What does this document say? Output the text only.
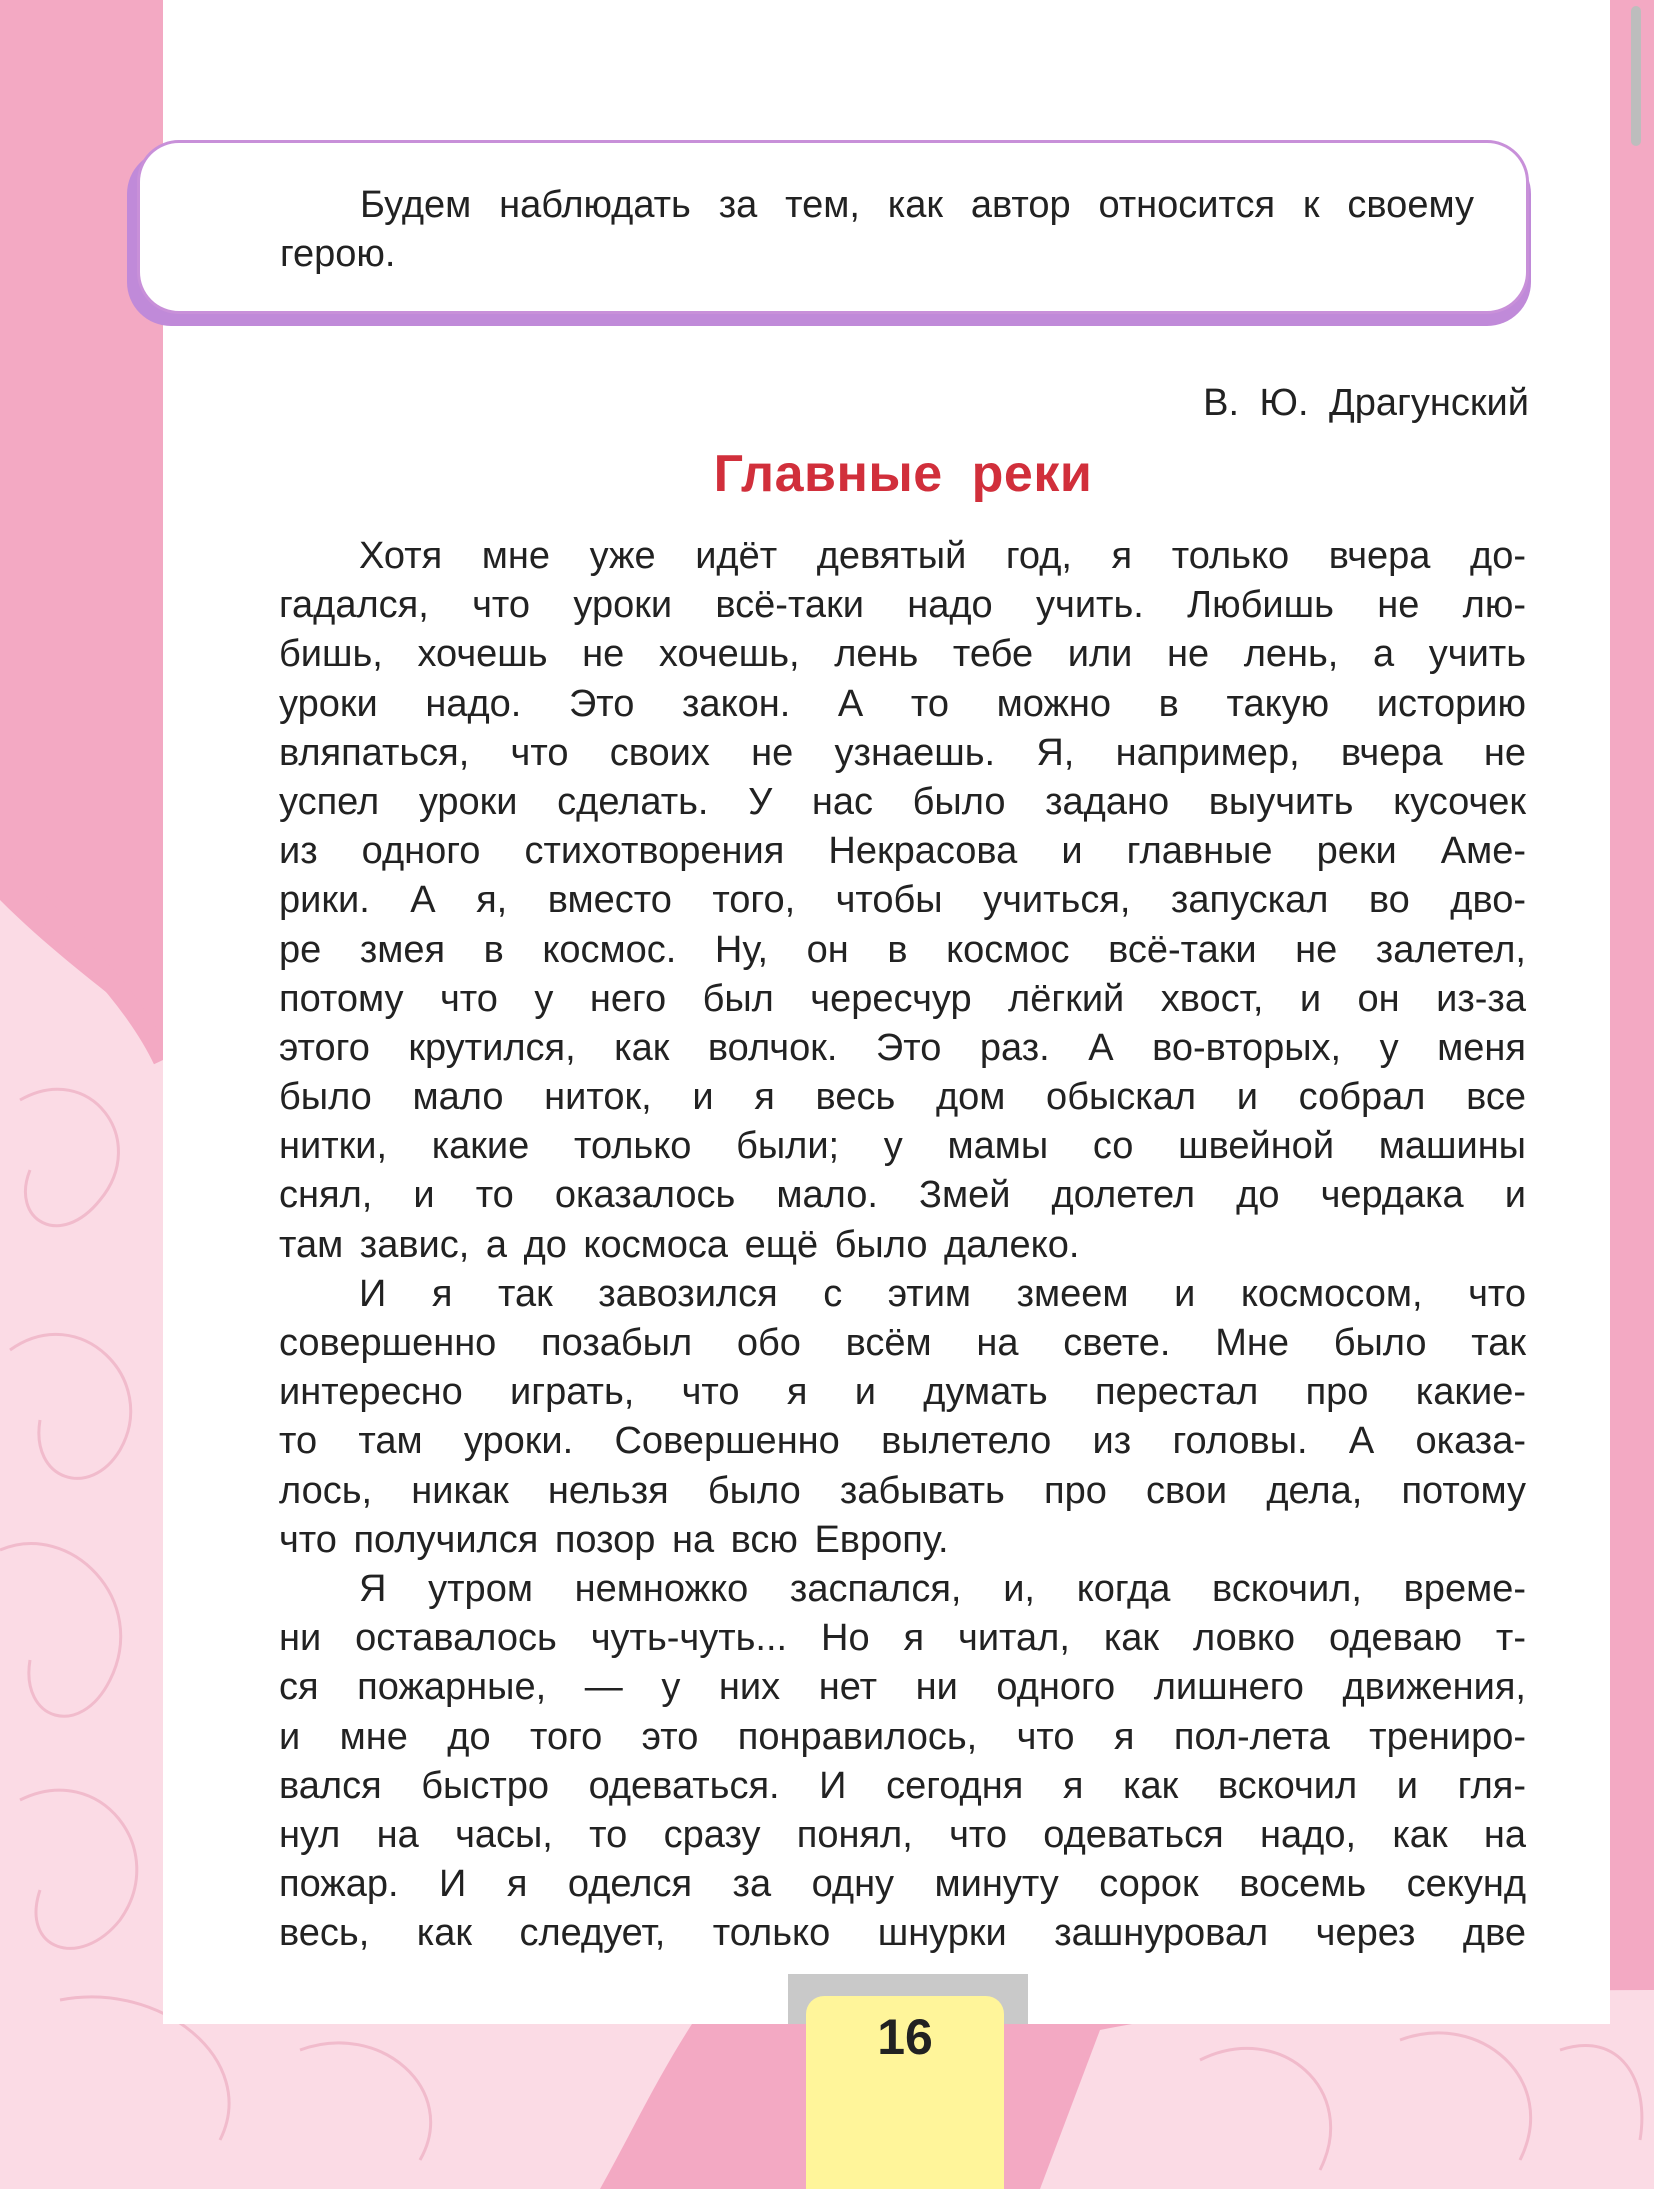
Будем наблюдать за тем, как автор относится к своему герою.

В. Ю. Драгунский
Главные реки
Хотя мне уже идёт девятый год, я только вчера до-
гадался, что уроки всё-таки надо учить. Любишь не лю-
бишь, хочешь не хочешь, лень тебе или не лень, а учить
уроки надо. Это закон. А то можно в такую историю
вляпаться, что своих не узнаешь. Я, например, вчера не
успел уроки сделать. У нас было задано выучить кусочек
из одного стихотворения Некрасова и главные реки Аме-
рики. А я, вместо того, чтобы учиться, запускал во дво-
ре змея в космос. Ну, он в космос всё-таки не залетел,
потому что у него был чересчур лёгкий хвост, и он из-за
этого крутился, как волчок. Это раз. А во-вторых, у меня
было мало ниток, и я весь дом обыскал и собрал все
нитки, какие только были; у мамы со швейной машины
снял, и то оказалось мало. Змей долетел до чердака и
там завис, а до космоса ещё было далеко.
И я так завозился с этим змеем и космосом, что
совершенно позабыл обо всём на свете. Мне было так
интересно играть, что я и думать перестал про какие-
то там уроки. Совершенно вылетело из головы. А оказа-
лось, никак нельзя было забывать про свои дела, потому
что получился позор на всю Европу.
Я утром немножко заспался, и, когда вскочил, време-
ни оставалось чуть-чуть... Но я читал, как ловко одеваю т-
ся пожарные, — у них нет ни одного лишнего движения,
и мне до того это понравилось, что я пол-лета трениро-
вался быстро одеваться. И сегодня я как вскочил и гля-
нул на часы, то сразу понял, что одеваться надо, как на
пожар. И я оделся за одну минуту сорок восемь секунд
весь, как следует, только шнурки зашнуровал через две
16
